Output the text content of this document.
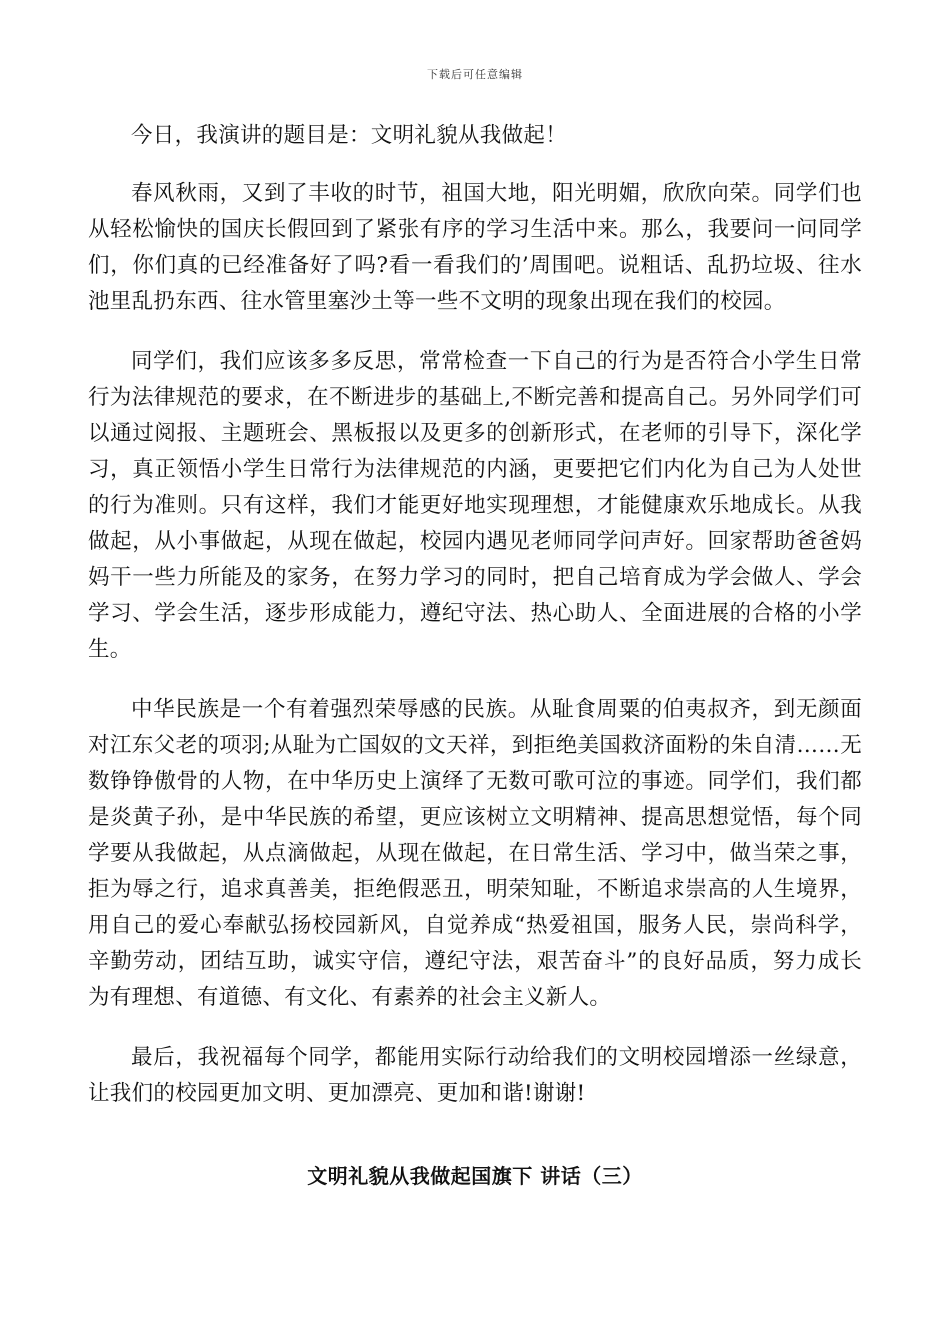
下载后可任意编辑

今日，我演讲的题目是：文明礼貌从我做起！

春风秋雨，又到了丰收的时节，祖国大地，阳光明媚，欣欣向荣。同学们也从轻松愉快的国庆长假回到了紧张有序的学习生活中来。那么，我要问一问同学们，你们真的已经准备好了吗?看一看我们的’周围吧。说粗话、乱扔垃圾、往水池里乱扔东西、往水管里塞沙土等一些不文明的现象出现在我们的校园。

同学们，我们应该多多反思，常常检查一下自己的行为是否符合小学生日常行为法律规范的要求，在不断进步的基础上,不断完善和提高自己。另外同学们可以通过阅报、主题班会、黑板报以及更多的创新形式，在老师的引导下，深化学习，真正领悟小学生日常行为法律规范的内涵，更要把它们内化为自己为人处世的行为准则。只有这样，我们才能更好地实现理想，才能健康欢乐地成长。从我做起，从小事做起，从现在做起，校园内遇见老师同学问声好。回家帮助爸爸妈妈干一些力所能及的家务，在努力学习的同时，把自己培育成为学会做人、学会学习、学会生活，逐步形成能力，遵纪守法、热心助人、全面进展的合格的小学生。

中华民族是一个有着强烈荣辱感的民族。从耻食周粟的伯夷叔齐，到无颜面对江东父老的项羽;从耻为亡国奴的文天祥，到拒绝美国救济面粉的朱自清……无数铮铮傲骨的人物，在中华历史上演绎了无数可歌可泣的事迹。同学们，我们都是炎黄子孙，是中华民族的希望，更应该树立文明精神、提高思想觉悟，每个同学要从我做起，从点滴做起，从现在做起，在日常生活、学习中，做当荣之事，拒为辱之行，追求真善美，拒绝假恶丑，明荣知耻，不断追求崇高的人生境界，用自己的爱心奉献弘扬校园新风，自觉养成“热爱祖国，服务人民，崇尚科学，辛勤劳动，团结互助，诚实守信，遵纪守法，艰苦奋斗”的良好品质，努力成长为有理想、有道德、有文化、有素养的社会主义新人。

最后，我祝福每个同学，都能用实际行动给我们的文明校园增添一丝绿意，让我们的校园更加文明、更加漂亮、更加和谐!谢谢!

文明礼貌从我做起国旗下 讲话（三）
